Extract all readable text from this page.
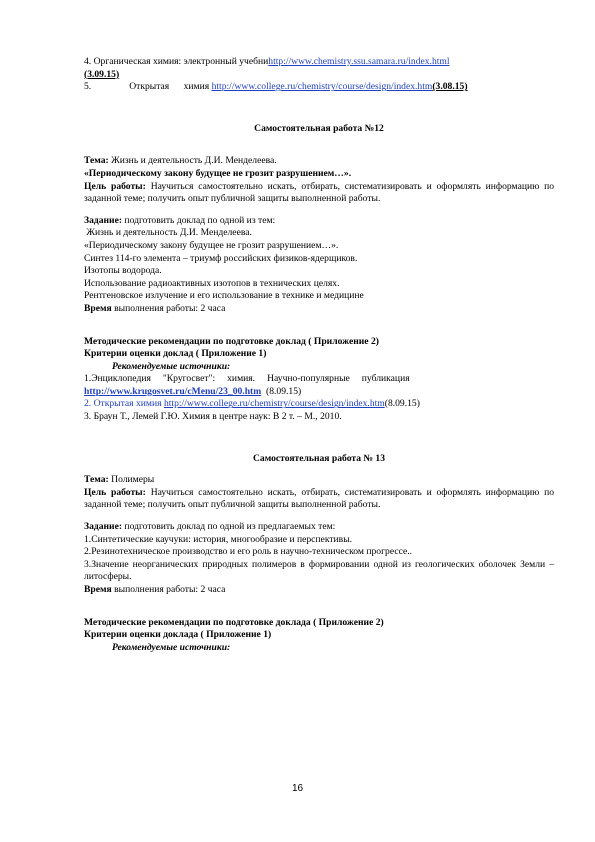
4. Органическая химия: электронный учебниhttp://www.chemistry.ssu.samara.ru/index.html

(3.09.15)

5.	Открытая      химия http://www.college.ru/chemistry/course/design/index.htm(3.08.15)

Самостоятельная работа №12

Тема: Жизнь и деятельность Д.И. Менделеева.

«Периодическому закону будущее не грозит разрушением…».

Цель работы: Научиться самостоятельно искать, отбирать, систематизировать и оформлять информацию по заданной теме; получить опыт публичной защиты выполненной работы.

Задание: подготовить доклад по одной из тем:

Жизнь и деятельность Д.И. Менделеева.

«Периодическому закону будущее не грозит разрушением…».

Синтез 114-го элемента – триумф российских физиков-ядерщиков.

Изотопы водорода.

Использование радиоактивных изотопов в технических целях.

Рентгеновское излучение и его использование в технике и медицине

Время выполнения работы: 2 часа

Методические рекомендации по подготовке доклад ( Приложение 2)

Критерии оценки доклад ( Приложение 1)

Рекомендуемые источники:

1.Энциклопедия     "Кругосвет":     химия.     Научно-популярные     публикация

http://www.krugosvet.ru/cMenu/23_00.htm  (8.09.15)

2. Открытая химия http://www.college.ru/chemistry/course/design/index.htm(8.09.15)

3. Браун Т., Лемей Г.Ю. Химия в центре наук: В 2 т. – М., 2010.

Самостоятельная работа № 13

Тема: Полимеры

Цель работы: Научиться самостоятельно искать, отбирать, систематизировать и оформлять информацию по заданной теме; получить опыт публичной защиты выполненной работы.

Задание: подготовить доклад по одной из предлагаемых тем:

1.Синтетические каучуки: история, многообразие и перспективы.

2.Резинотехническое производство и его роль в научно-техническом прогрессе..

3.Значение неорганических природных полимеров в формировании одной из геологических оболочек Земли – литосферы.

Время выполнения работы: 2 часа

Методические рекомендации по подготовке доклада ( Приложение 2)

Критерии оценки доклада ( Приложение 1)

Рекомендуемые источники:

16
